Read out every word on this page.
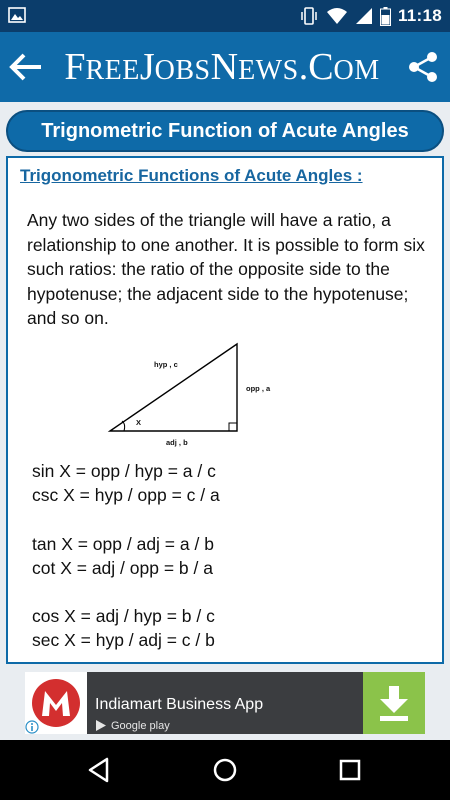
11:18
FREEJOBSNEWS.COM
Trignometric Function of Acute Angles
Trigonometric Functions of Acute Angles :
Any two sides of the triangle will have a ratio, a relationship to one another. It is possible to form six such ratios: the ratio of the opposite side to the hypotenuse; the adjacent side to the hypotenuse; and so on.
hyp , c
opp , a
adj , b
X
sin X = opp / hyp = a / c
csc X = hyp / opp = c / a
tan X = opp / adj = a / b
cot X = adj / opp = b / a
cos X = adj / hyp = b / c
sec X = hyp / adj = c / b
Indiamart Business App
Google play
